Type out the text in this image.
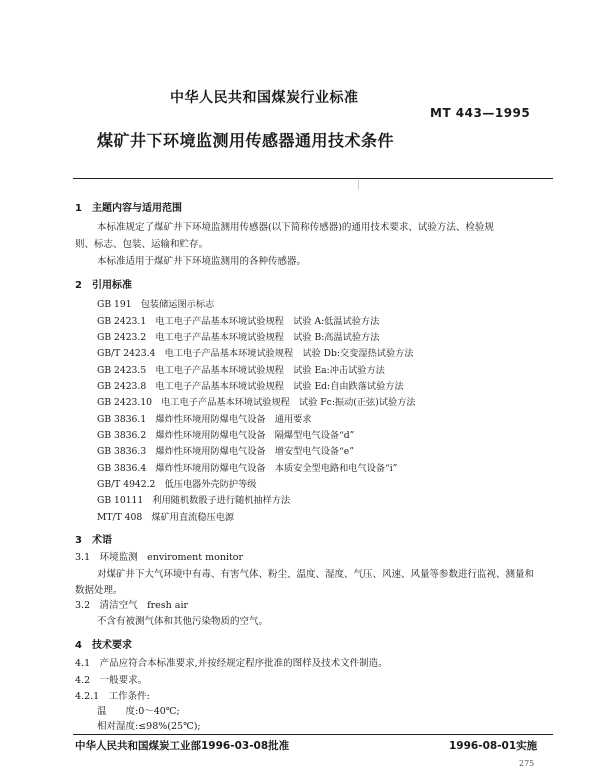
中华人民共和国煤炭行业标准
MT 443—1995
煤矿井下环境监测用传感器通用技术条件
1　主题内容与适用范围
本标准规定了煤矿井下环境监测用传感器(以下简称传感器)的通用技术要求、试验方法、检验规
则、标志、包装、运输和贮存。
本标准适用于煤矿井下环境监测用的各种传感器。
2　引用标准
GB 191　包装储运图示标志
GB 2423.1　电工电子产品基本环境试验规程　试验 A:低温试验方法
GB 2423.2　电工电子产品基本环境试验规程　试验 B:高温试验方法
GB/T 2423.4　电工电子产品基本环境试验规程　试验 Db:交变湿热试验方法
GB 2423.5　电工电子产品基本环境试验规程　试验 Ea:冲击试验方法
GB 2423.8　电工电子产品基本环境试验规程　试验 Ed:自由跌落试验方法
GB 2423.10　电工电子产品基本环境试验规程　试验 Fc:振动(正弦)试验方法
GB 3836.1　爆炸性环境用防爆电气设备　通用要求
GB 3836.2　爆炸性环境用防爆电气设备　隔爆型电气设备“d”
GB 3836.3　爆炸性环境用防爆电气设备　增安型电气设备“e”
GB 3836.4　爆炸性环境用防爆电气设备　本质安全型电路和电气设备“i”
GB/T 4942.2　低压电器外壳防护等级
GB 10111　利用随机数骰子进行随机抽样方法
MT/T 408　煤矿用直流稳压电源
3　术语
3.1　环境监测　enviroment monitor
对煤矿井下大气环境中有毒、有害气体、粉尘、温度、湿度、气压、风速、风量等参数进行监视、测量和
数据处理。
3.2　清洁空气　fresh air
不含有被测气体和其他污染物质的空气。
4　技术要求
4.1　产品应符合本标准要求,并按经规定程序批准的图样及技术文件制造。
4.2　一般要求。
4.2.1　工作条件:
温　　度:0～40℃;
相对湿度:≤98%(25℃);
中华人民共和国煤炭工业部1996-03-08批准	1996-08-01实施
275
